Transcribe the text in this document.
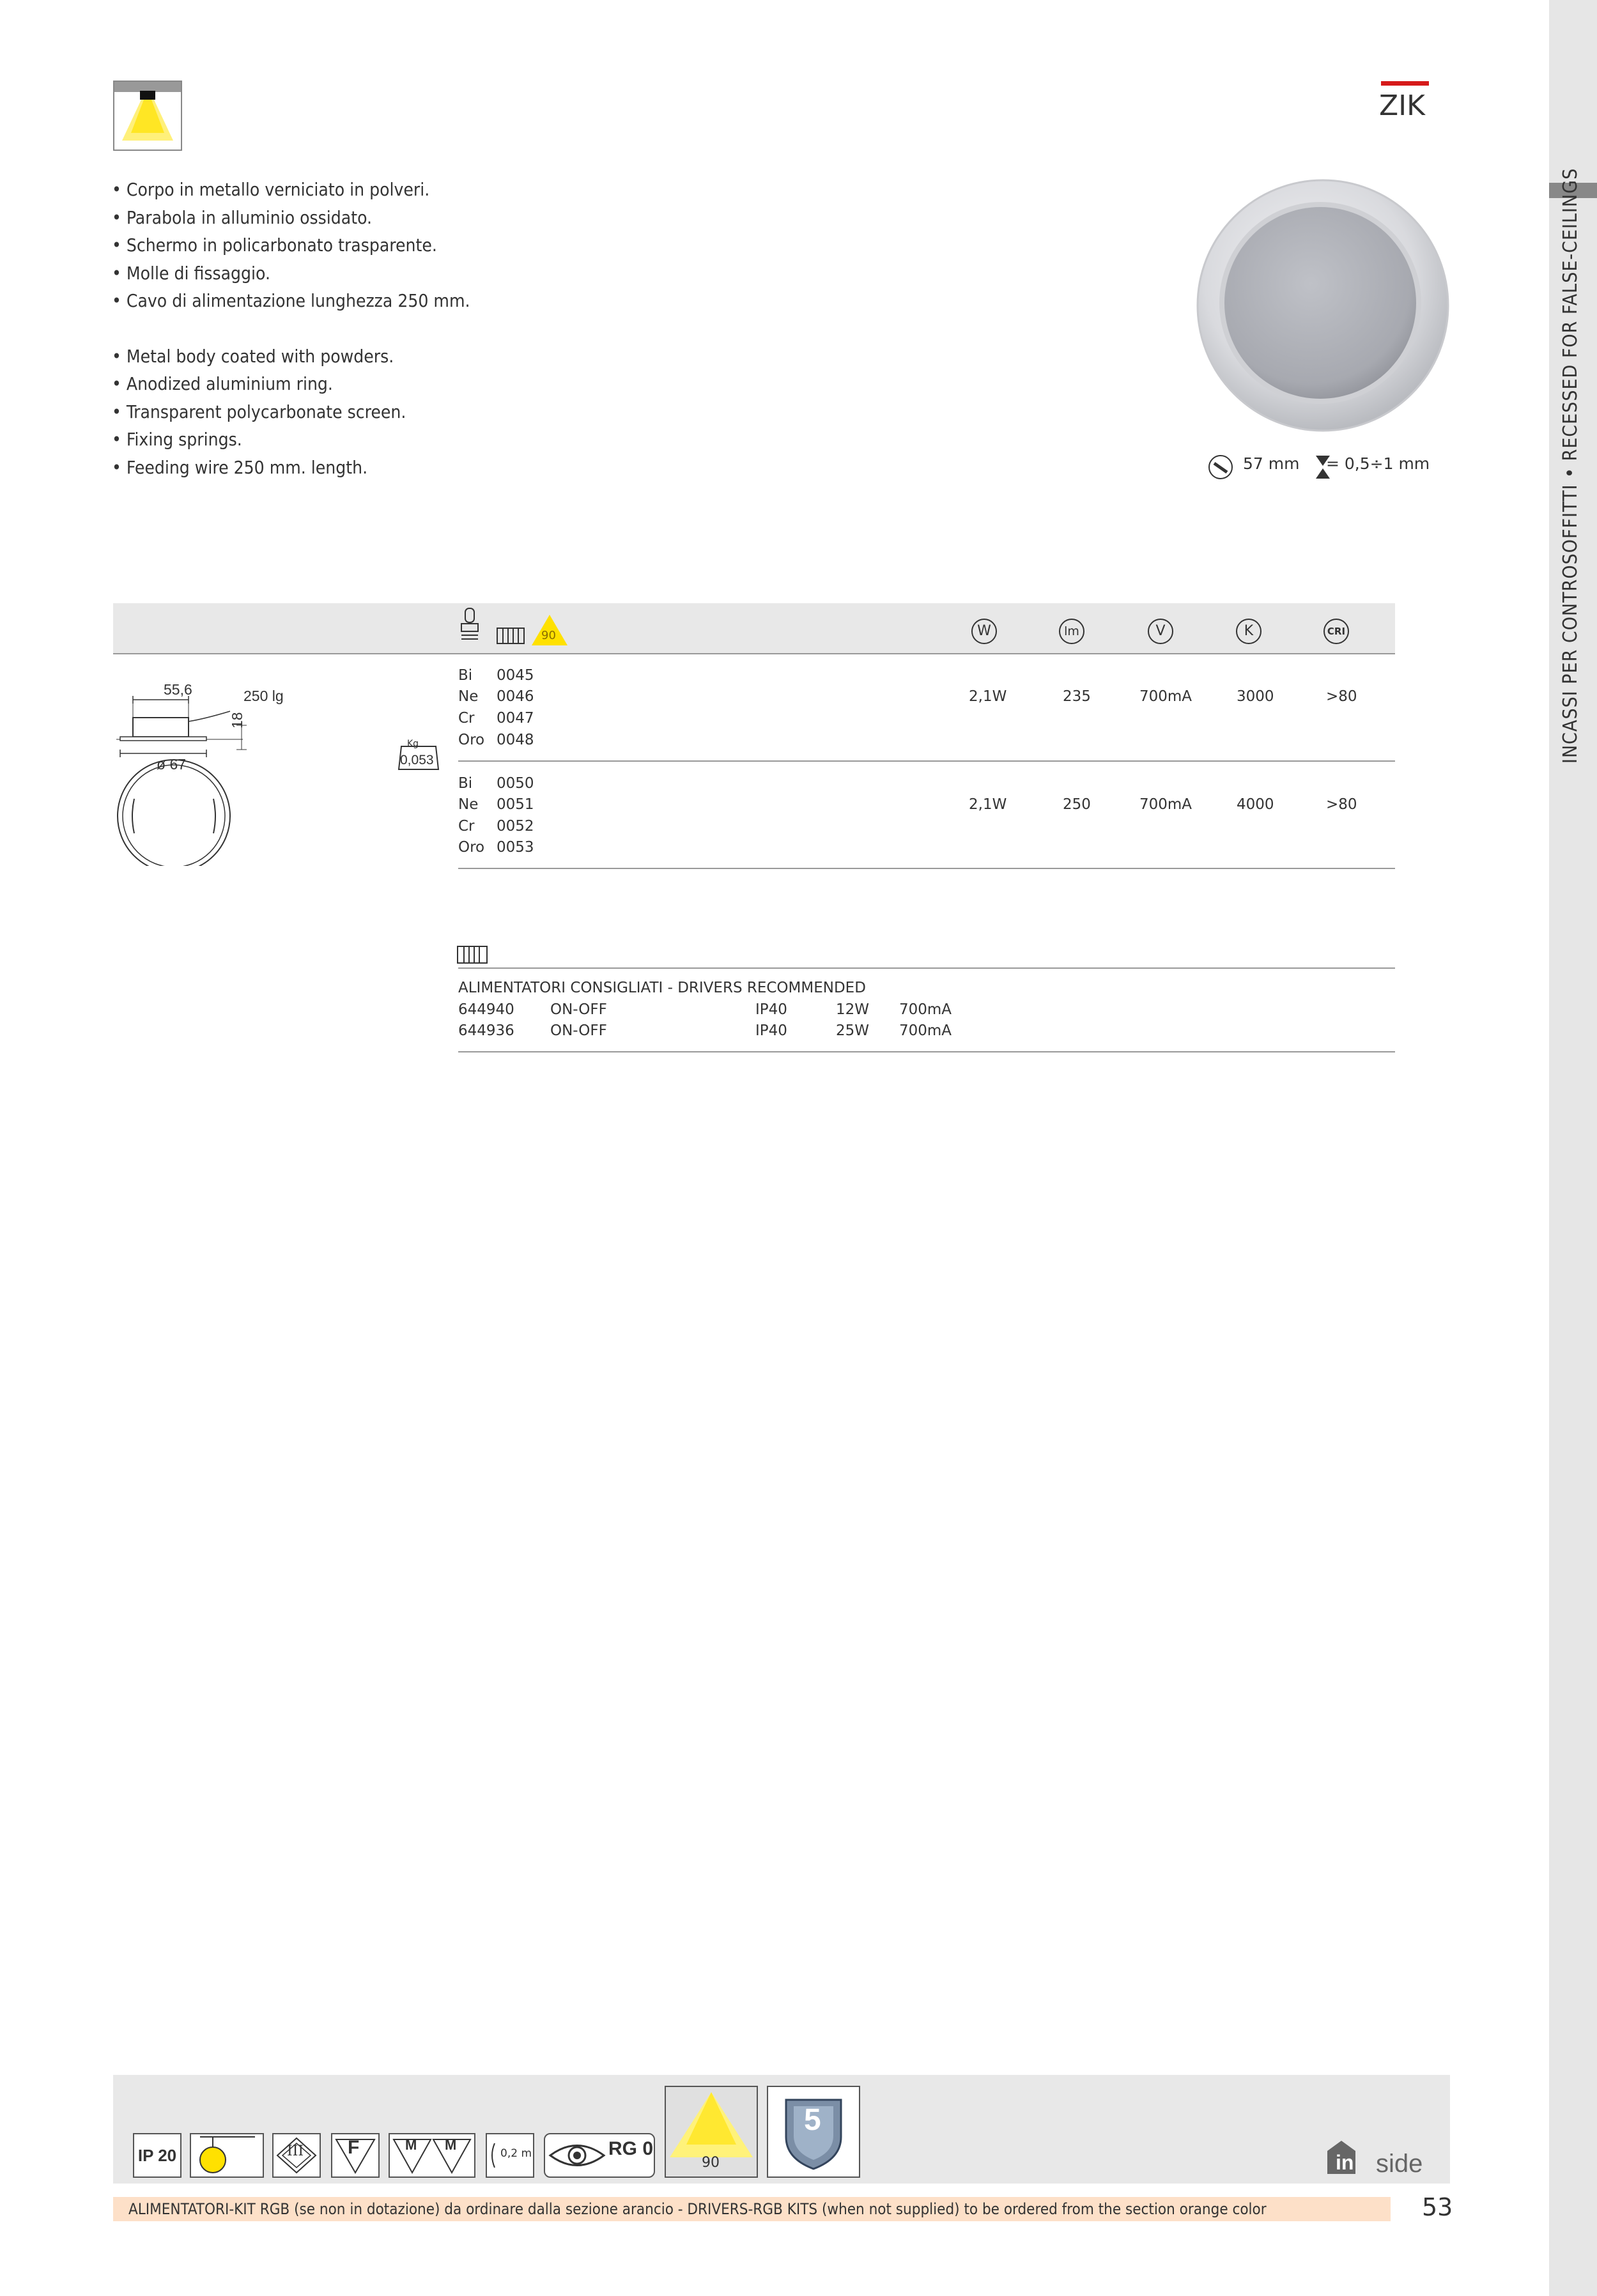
INCASSI PER CONTROSOFFITTI • RECESSED FOR FALSE-CEILINGS
ZIK
• Corpo in metallo verniciato in polveri.
• Parabola in alluminio ossidato.
• Schermo in policarbonato trasparente.
• Molle di fissaggio.
• Cavo di alimentazione lunghezza 250 mm.
• Metal body coated with powders.
• Anodized aluminium ring.
• Transparent polycarbonate screen.
• Fixing springs.
• Feeding wire 250 mm. length.	57 mm = 0,5÷1 mm
90	W	lm	V	K	CRI
55,6	250 lg
18
ø 67
Kg
0,053
Bi 0045
Ne 0046
Cr 0047
Oro 0048
2,1W	235	700mA	3000	>80
Bi 0050
Ne 0051
Cr 0052
Oro 0053
2,1W	250	700mA	4000	>80
ALIMENTATORI CONSIGLIATI - DRIVERS RECOMMENDED
644940 ON-OFF	IP40	12W 700mA
644936 ON-OFF	IP40	25W 700mA
IP 20	III F	M M
0,2 m	RG 0
90
5
in side
ALIMENTATORI-KIT RGB (se non in dotazione) da ordinare dalla sezione arancio - DRIVERS-RGB KITS (when not supplied) to be ordered from the section orange color	53
